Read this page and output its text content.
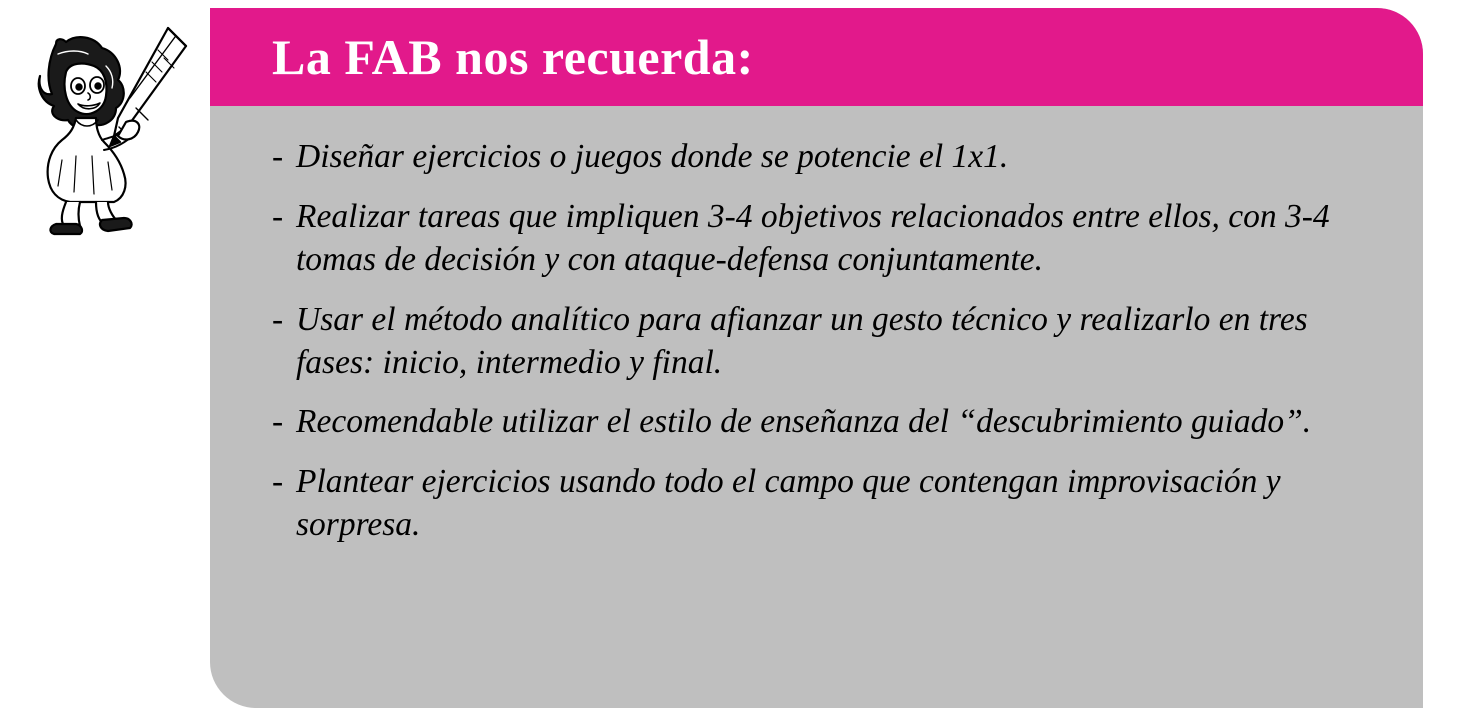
La FAB nos recuerda:
- Diseñar ejercicios o juegos donde se potencie el 1x1.
- Realizar tareas que impliquen 3-4 objetivos relacionados entre ellos, con 3-4 tomas de decisión y con ataque-defensa conjuntamente.
- Usar el método analítico para afianzar un gesto técnico y realizarlo en tres fases: inicio, intermedio y final.
- Recomendable utilizar el estilo de enseñanza del “descubrimiento guiado”.
- Plantear ejercicios usando todo el campo que contengan improvisación y sorpresa.
